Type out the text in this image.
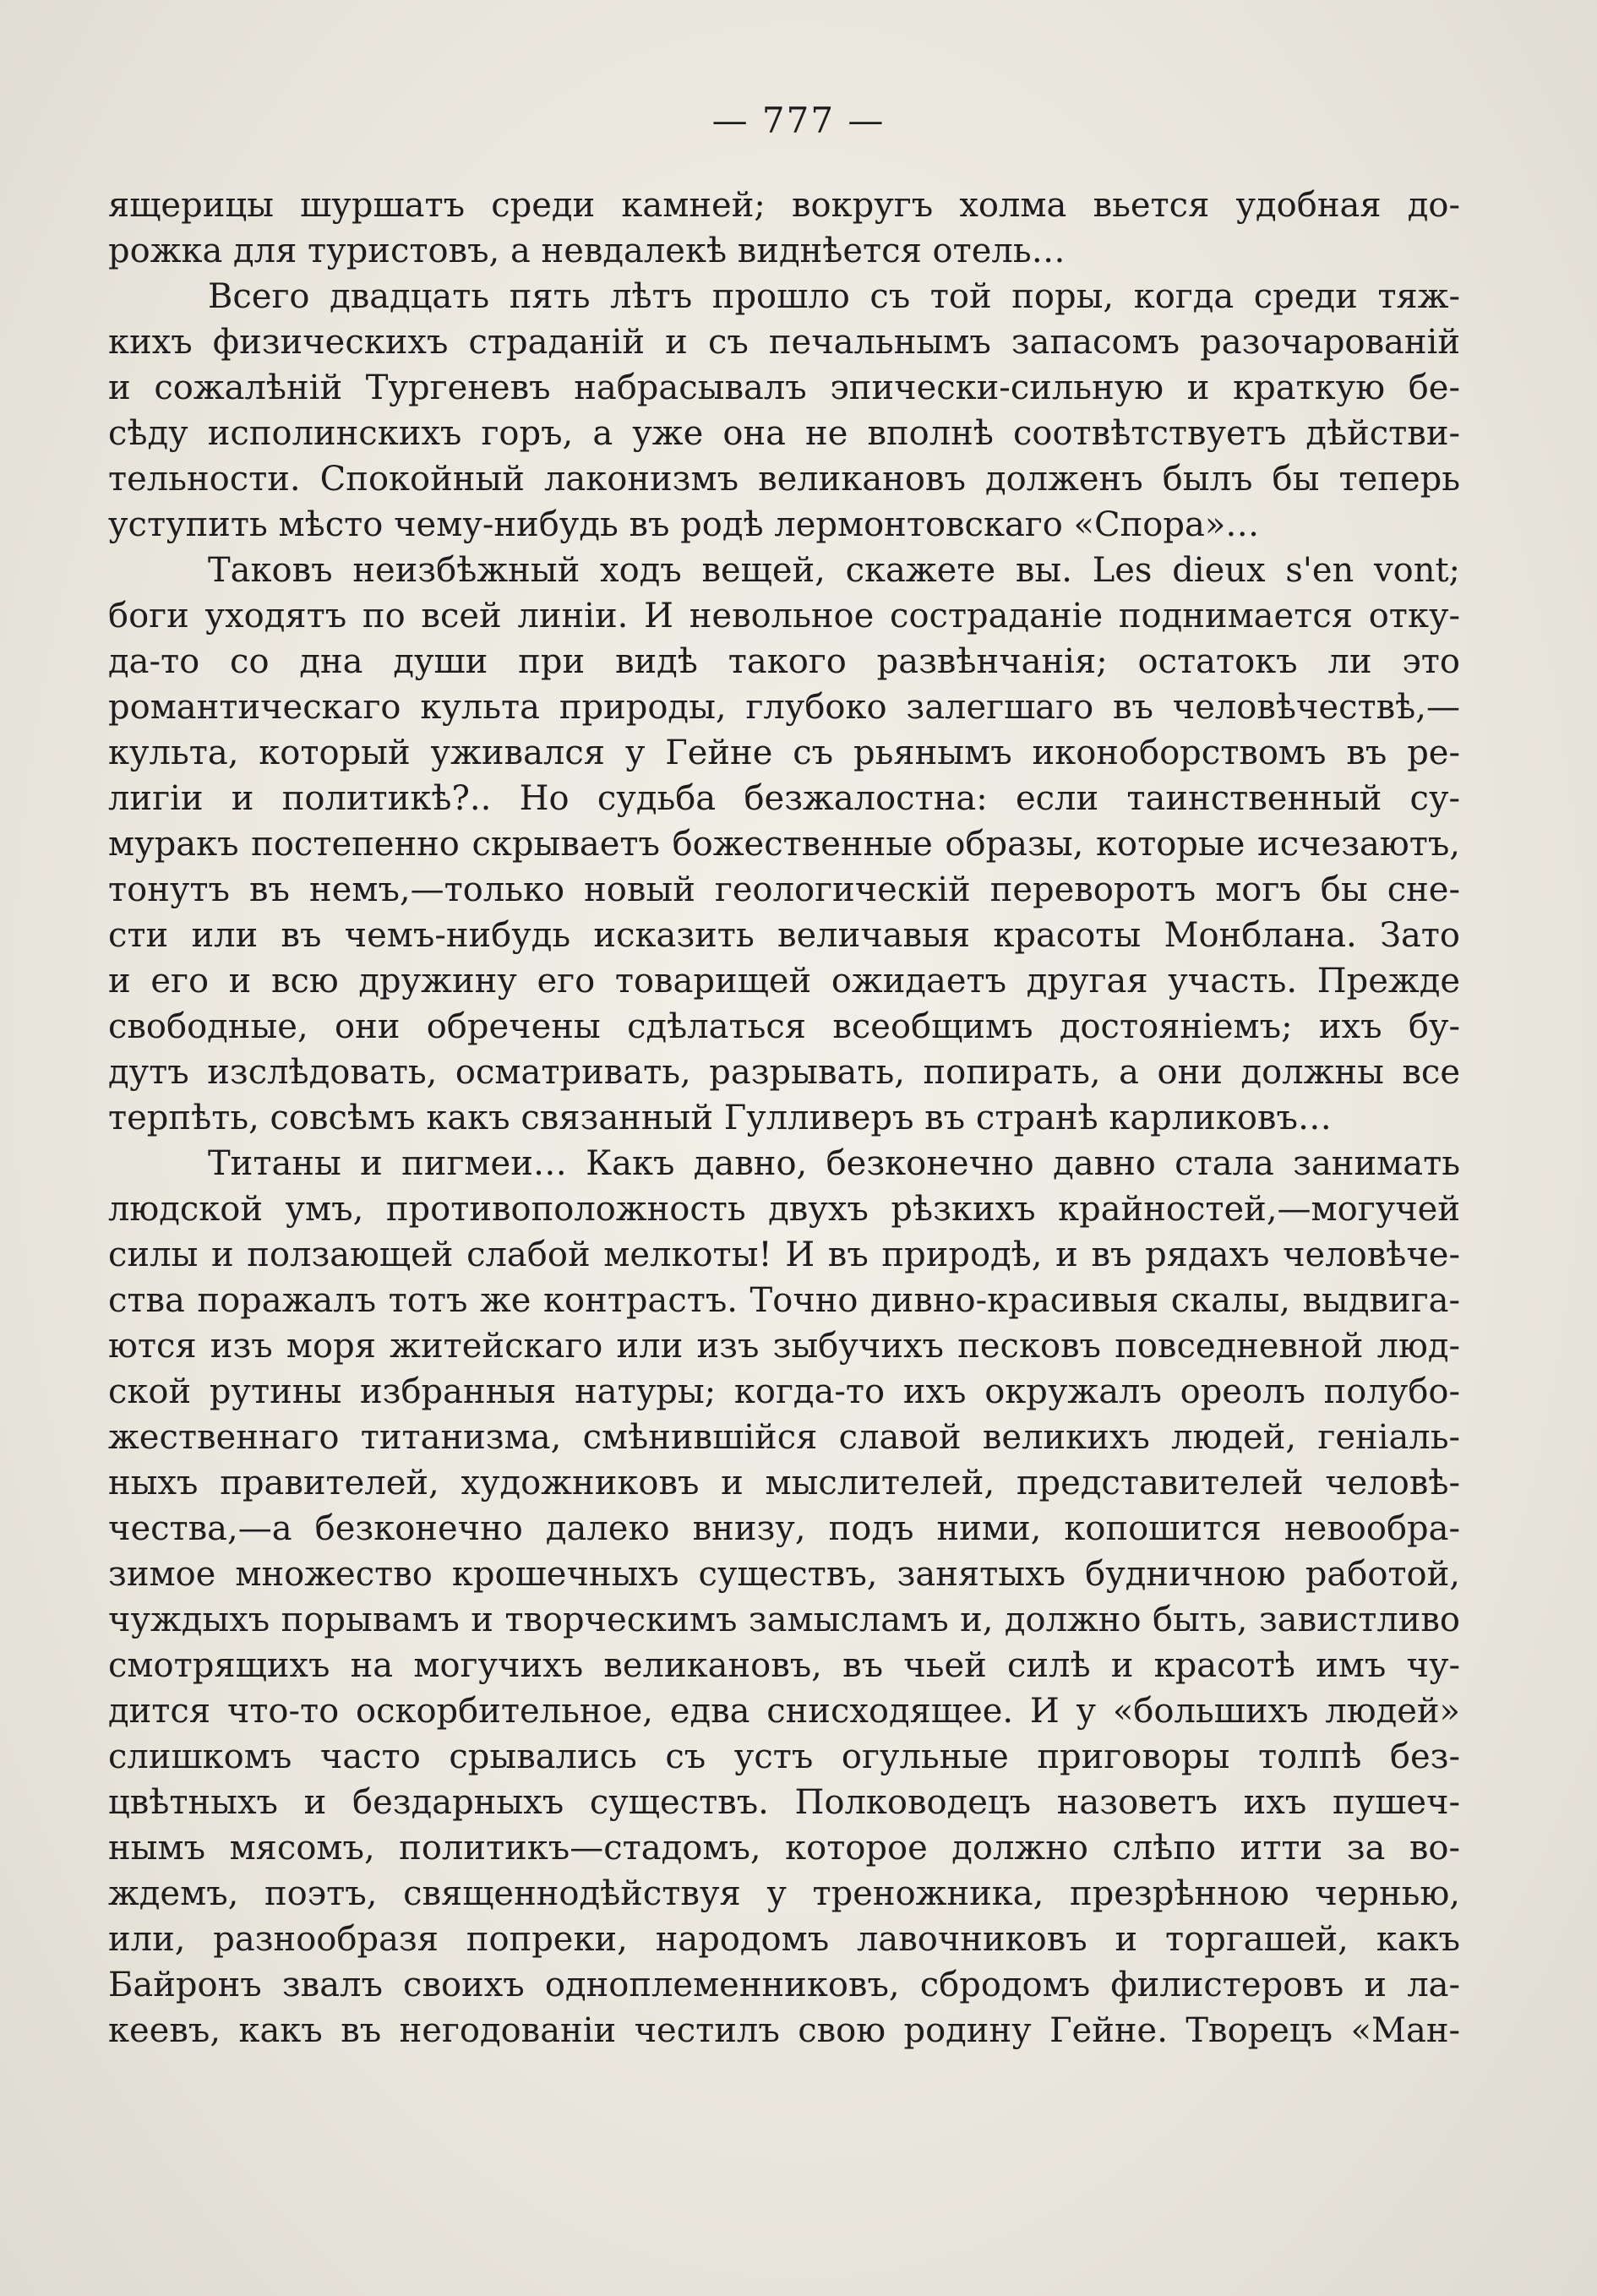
— 777 —
ящерицы шуршатъ среди камней; вокругъ холма вьется удобная до-
рожка для туристовъ, а невдалекѣ виднѣется отель…
Всего двадцать пять лѣтъ прошло съ той поры, когда среди тяж-
кихъ физическихъ страданій и съ печальнымъ запасомъ разочарованій
и сожалѣній Тургеневъ набрасывалъ эпически-сильную и краткую бе-
сѣду исполинскихъ горъ, а уже она не вполнѣ соотвѣтствуетъ дѣйстви-
тельности. Спокойный лаконизмъ великановъ долженъ былъ бы теперь
уступить мѣсто чему-нибудь въ родѣ лермонтовскаго «Спора»…
Таковъ неизбѣжный ходъ вещей, скажете вы. Les dieux s'en vont;
боги уходятъ по всей линіи. И невольное состраданіе поднимается отку-
да-то со дна души при видѣ такого развѣнчанія; остатокъ ли это
романтическаго культа природы, глубоко залегшаго въ человѣчествѣ,—
культа, который уживался у Гейне съ рьянымъ иконоборствомъ въ ре-
лигіи и политикѣ?.. Но судьба безжалостна: если таинственный су-
муракъ постепенно скрываетъ божественные образы, которые исчезаютъ,
тонутъ въ немъ,—только новый геологическій переворотъ могъ бы сне-
сти или въ чемъ-нибудь исказить величавыя красоты Монблана. Зато
и его и всю дружину его товарищей ожидаетъ другая участь. Прежде
свободные, они обречены сдѣлаться всеобщимъ достояніемъ; ихъ бу-
дутъ изслѣдовать, осматривать, разрывать, попирать, а они должны все
терпѣть, совсѣмъ какъ связанный Гулливеръ въ странѣ карликовъ…
Титаны и пигмеи… Какъ давно, безконечно давно стала занимать
людской умъ, противоположность двухъ рѣзкихъ крайностей,—могучей
силы и ползающей слабой мелкоты! И въ природѣ, и въ рядахъ человѣче-
ства поражалъ тотъ же контрастъ. Точно дивно-красивыя скалы, выдвига-
ются изъ моря житейскаго или изъ зыбучихъ песковъ повседневной люд-
ской рутины избранныя натуры; когда-то ихъ окружалъ ореолъ полубо-
жественнаго титанизма, смѣнившійся славой великихъ людей, геніаль-
ныхъ правителей, художниковъ и мыслителей, представителей человѣ-
чества,—а безконечно далеко внизу, подъ ними, копошится невообра-
зимое множество крошечныхъ существъ, занятыхъ будничною работой,
чуждыхъ порывамъ и творческимъ замысламъ и, должно быть, завистливо
смотрящихъ на могучихъ великановъ, въ чьей силѣ и красотѣ имъ чу-
дится что-то оскорбительное, едва снисходящее. И у «большихъ людей»
слишкомъ часто срывались съ устъ огульные приговоры толпѣ без-
цвѣтныхъ и бездарныхъ существъ. Полководецъ назоветъ ихъ пушеч-
нымъ мясомъ, политикъ—стадомъ, которое должно слѣпо итти за во-
ждемъ, поэтъ, священнодѣйствуя у треножника, презрѣнною чернью,
или, разнообразя попреки, народомъ лавочниковъ и торгашей, какъ
Байронъ звалъ своихъ одноплеменниковъ, сбродомъ филистеровъ и ла-
кеевъ, какъ въ негодованіи честилъ свою родину Гейне. Творецъ «Ман-
